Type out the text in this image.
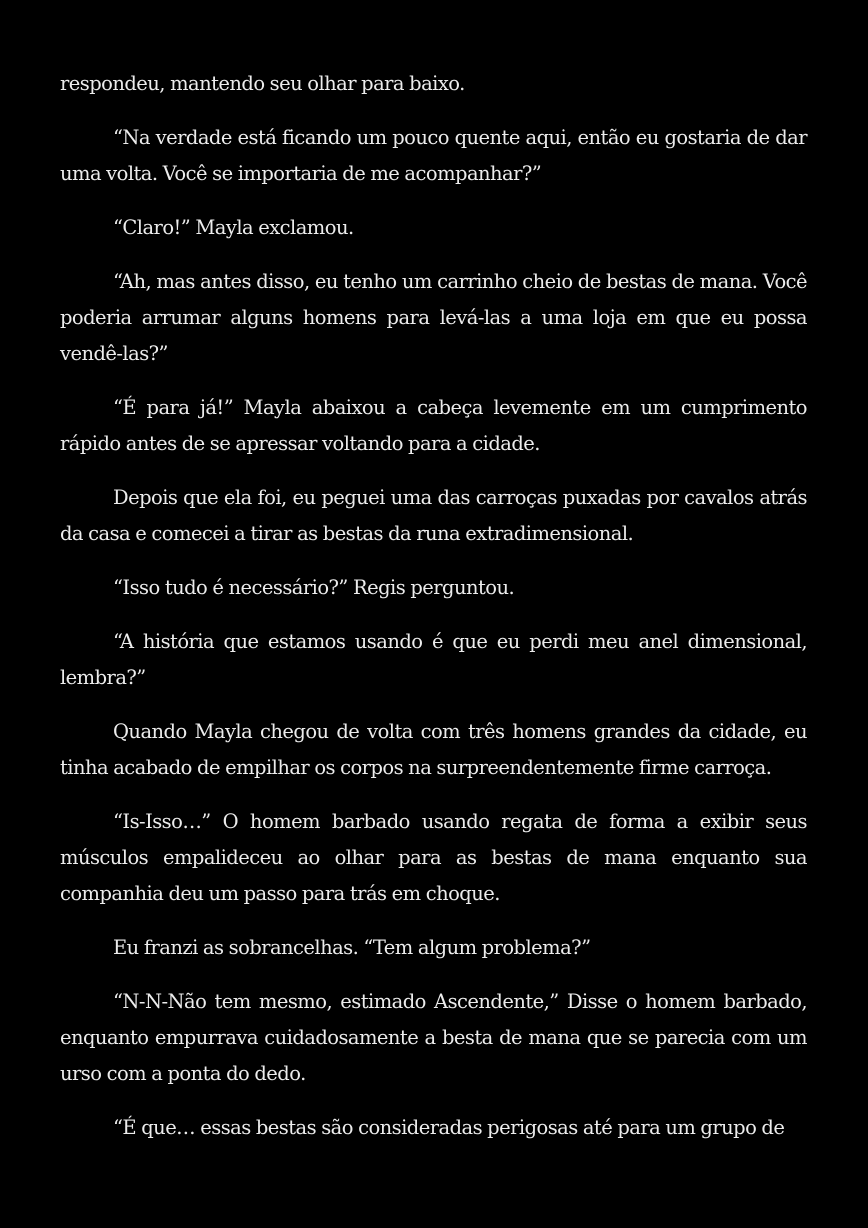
respondeu, mantendo seu olhar para baixo.

“Na verdade está ficando um pouco quente aqui, então eu gostaria de dar uma volta. Você se importaria de me acompanhar?”

“Claro!” Mayla exclamou.

“Ah, mas antes disso, eu tenho um carrinho cheio de bestas de mana. Você poderia arrumar alguns homens para levá-las a uma loja em que eu possa vendê-las?”

“É para já!” Mayla abaixou a cabeça levemente em um cumprimento rápido antes de se apressar voltando para a cidade.

Depois que ela foi, eu peguei uma das carroças puxadas por cavalos atrás da casa e comecei a tirar as bestas da runa extradimensional.

“Isso tudo é necessário?” Regis perguntou.

“A história que estamos usando é que eu perdi meu anel dimensional, lembra?”

Quando Mayla chegou de volta com três homens grandes da cidade, eu tinha acabado de empilhar os corpos na surpreendentemente firme carroça.

“Is-Isso…” O homem barbado usando regata de forma a exibir seus músculos empalideceu ao olhar para as bestas de mana enquanto sua companhia deu um passo para trás em choque.

Eu franzi as sobrancelhas. “Tem algum problema?”

“N-N-Não tem mesmo, estimado Ascendente,” Disse o homem barbado, enquanto empurrava cuidadosamente a besta de mana que se parecia com um urso com a ponta do dedo.

“É que… essas bestas são consideradas perigosas até para um grupo de
